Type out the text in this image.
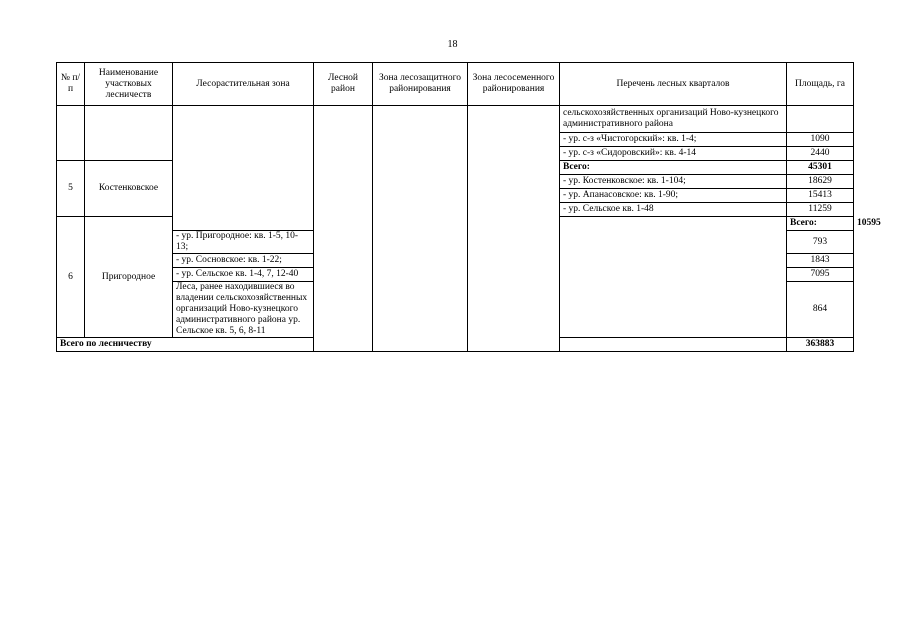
18
№ п/п	Наименование участковых лесничеств	Лесорастительная зона	Лесной район	Зона лесозащитного районирования	Зона лесосеменного районирования	Перечень лесных кварталов	Площадь, га	
						сельскохозяйственных организаций Ново-кузнецкого административного района		
						- ур. с-з «Чистогорский»: кв. 1-4;	1090	
						- ур. с-з «Сидоровский»: кв. 4-14	2440	
5	Костенковское					Всего:	45301	
						- ур. Костенковское: кв. 1-104;	18629	
						- ур. Апанасовское: кв. 1-90;	15413	
						- ур. Сельское кв. 1-48	11259	
6	Пригородное						Всего:	10595
		- ур. Пригородное: кв. 1-5, 10-13;					793	
		- ур. Сосновское: кв. 1-22;					1843	
		- ур. Сельское кв. 1-4, 7, 12-40					7095	
		Леса, ранее находившиеся во владении сельскохозяйственных организаций Ново-кузнецкого административного района ур. Сельское кв. 5, 6, 8-11					864	
Всего по лесничеству							363883	
